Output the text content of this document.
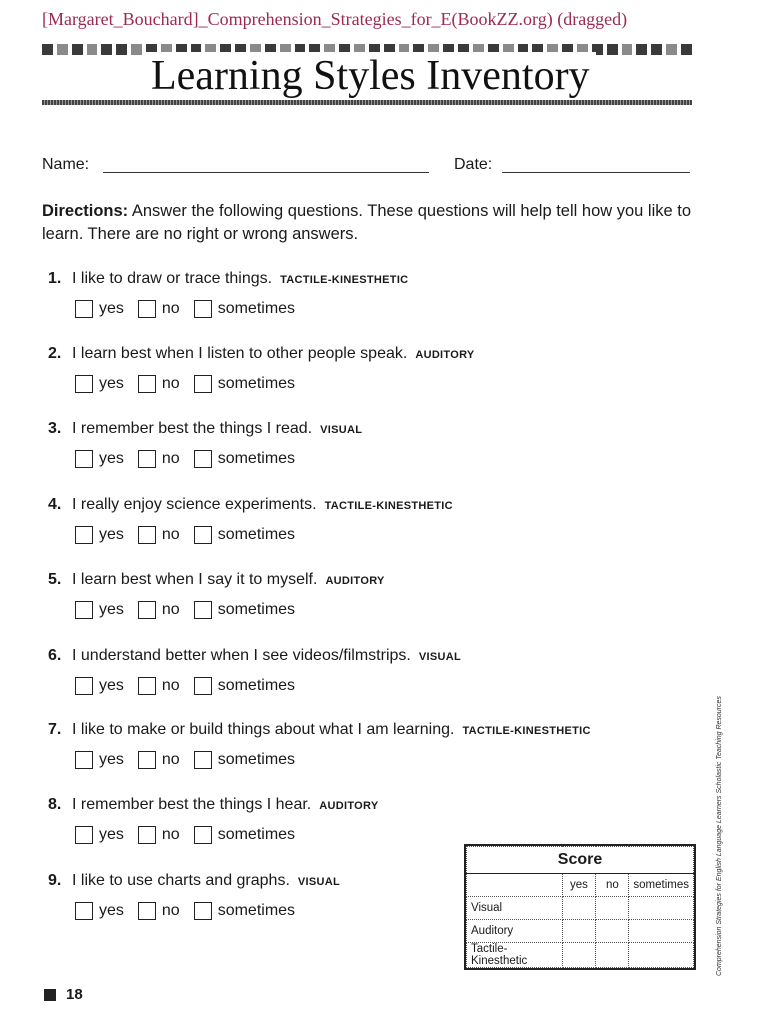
[Margaret_Bouchard]_Comprehension_Strategies_for_E(BookZZ.org) (dragged)
Learning Styles Inventory
Name:	Date:
Directions: Answer the following questions. These questions will help tell how you like to learn. There are no right or wrong answers.
1. I like to draw or trace things. TACTILE-KINESTHETIC
yes no sometimes
2. I learn best when I listen to other people speak. AUDITORY
yes no sometimes
3. I remember best the things I read. VISUAL
yes no sometimes
4. I really enjoy science experiments. TACTILE-KINESTHETIC
yes no sometimes
5. I learn best when I say it to myself. AUDITORY
yes no sometimes
6. I understand better when I see videos/filmstrips. VISUAL
yes no sometimes
7. I like to make or build things about what I am learning. TACTILE-KINESTHETIC
yes no sometimes
8. I remember best the things I hear. AUDITORY
yes no sometimes
9. I like to use charts and graphs. VISUAL
yes no sometimes
Score			
	yes	no	sometimes
Visual			
Auditory			
Tactile-Kinesthetic				Comprehension Strategies for English Language Learners Scholastic Teaching Resources
18
